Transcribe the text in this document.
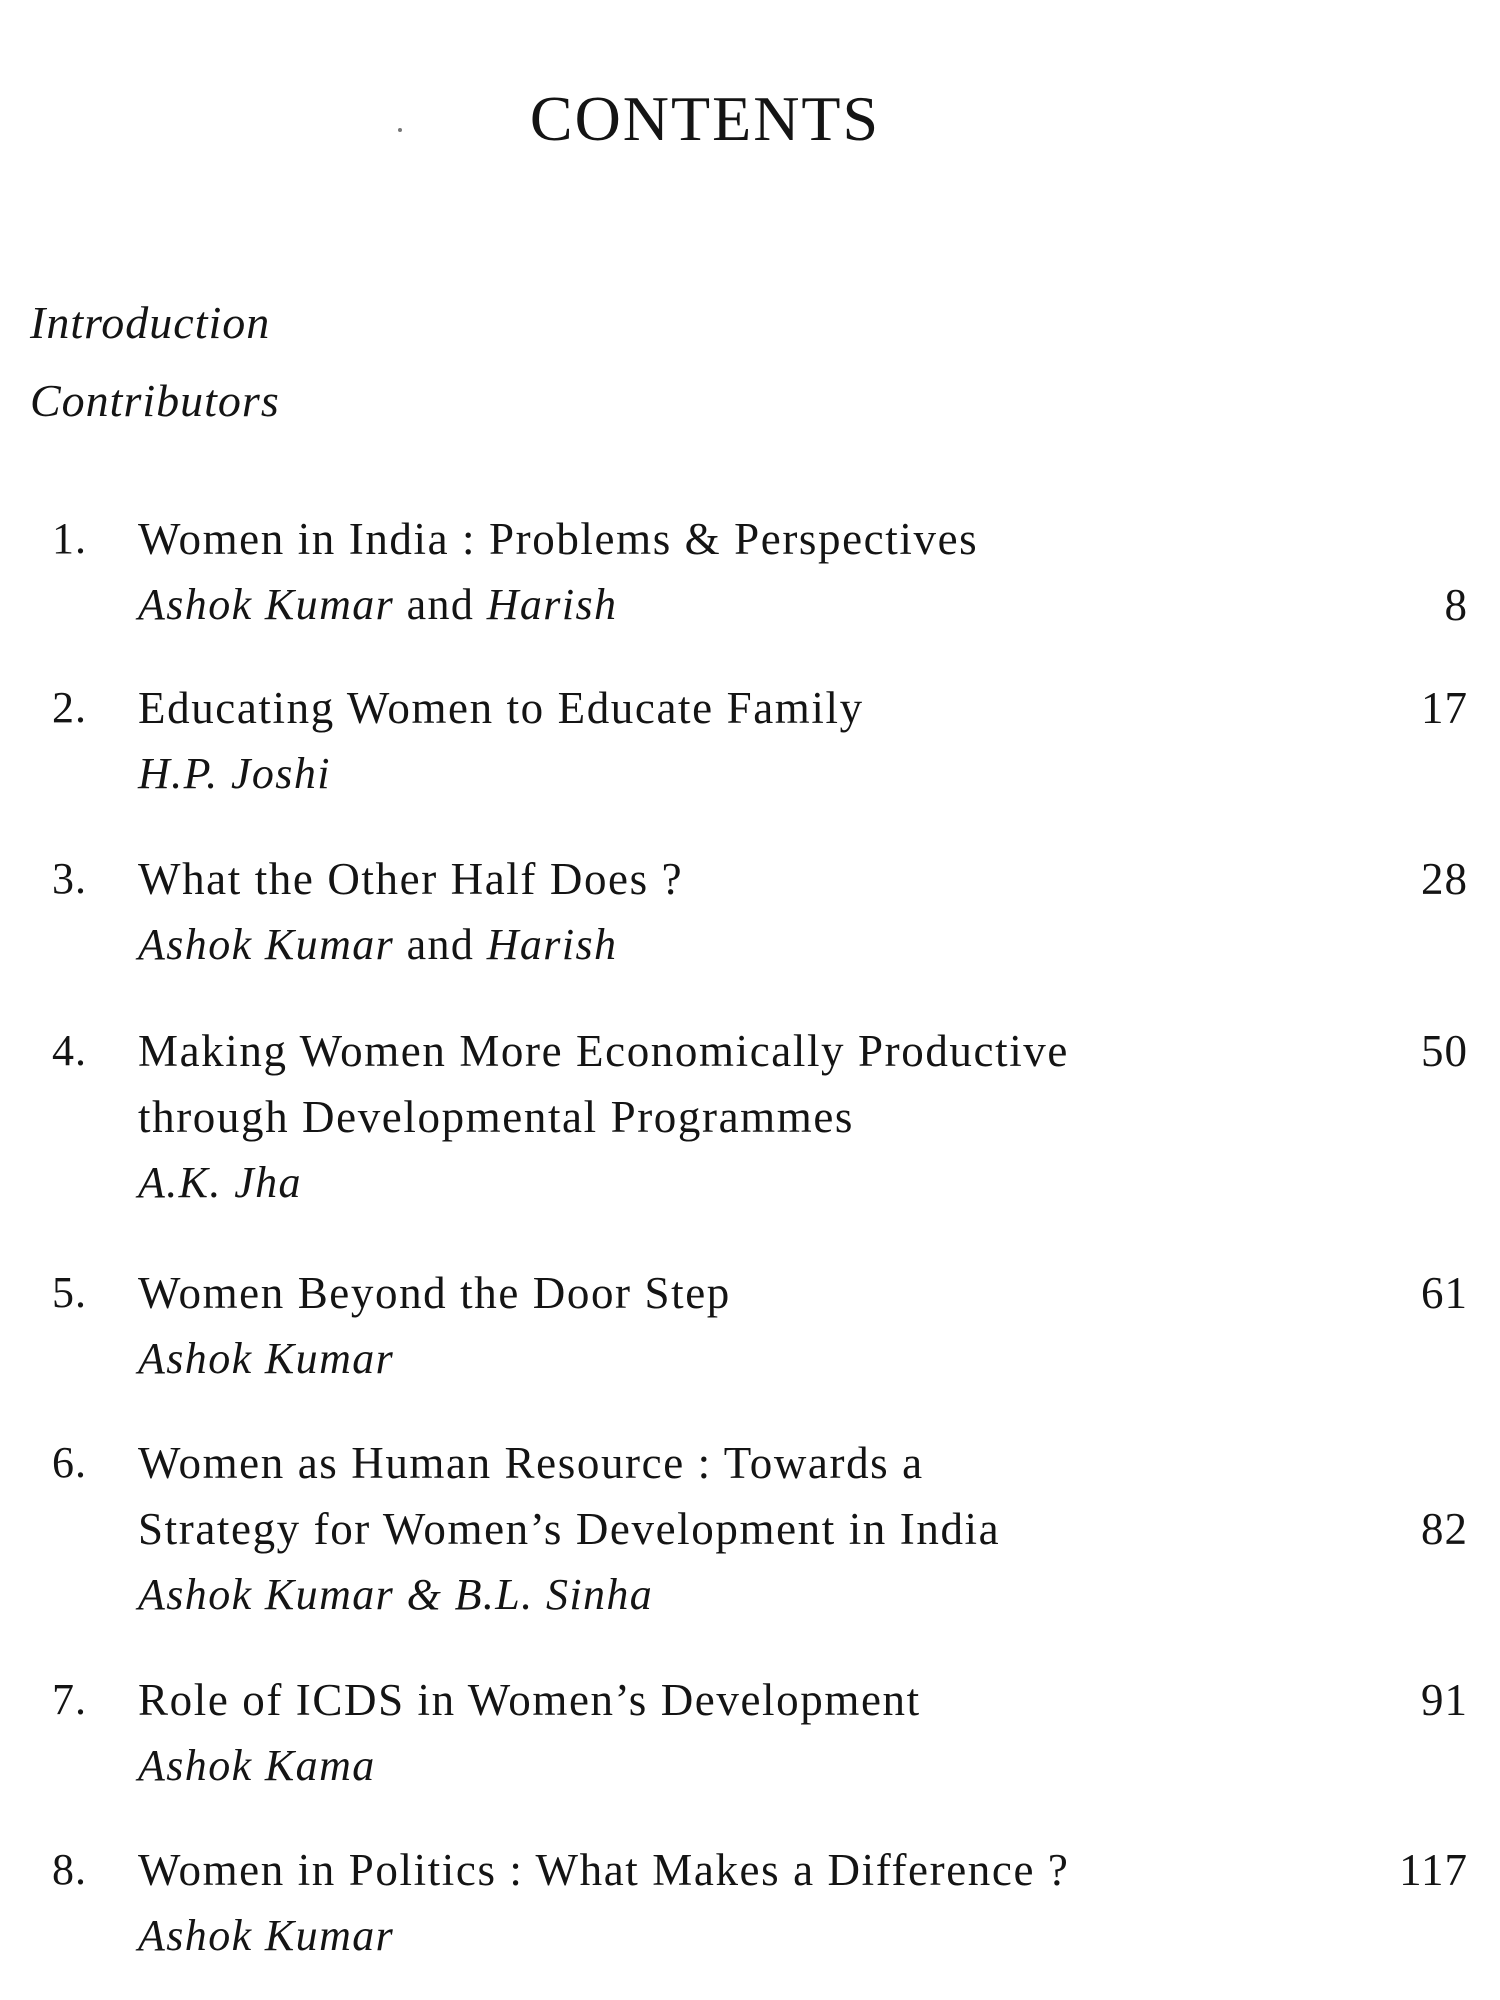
CONTENTS
Introduction
Contributors
1. Women in India : Problems & Perspectives
Ashok Kumar and Harish	8
2. Educating Women to Educate Family
H.P. Joshi
17
3. What the Other Half Does ?
Ashok Kumar and Harish
28
4. Making Women More Economically Productive
through Developmental Programmes
A.K. Jha
50
5. Women Beyond the Door Step
Ashok Kumar
61
6. Women as Human Resource : Towards a
Strategy for Women’s Development in India
Ashok Kumar & B.L. Sinha
82
7. Role of ICDS in Women’s Development
Ashok Kama
91
8. Women in Politics : What Makes a Difference ?
Ashok Kumar
117
